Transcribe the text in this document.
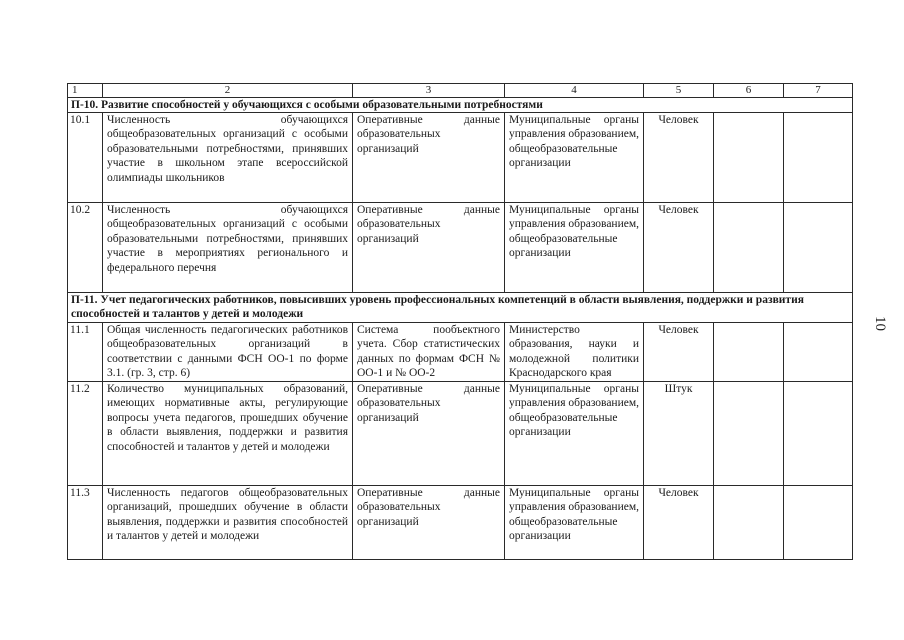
1	2	3	4	5	6	7
П-10. Развитие способностей у обучающихся с особыми образовательными потребностями						
10.1	Численность обучающихся общеобразовательных организаций с особыми образовательными потребностями, принявших участие в школьном этапе всероссийской олимпиады школьников	Оперативные данные образовательных организаций	Муниципальные органы управления образованием, общеобразовательные организации	Человек		
10.2	Численность обучающихся общеобразовательных организаций с особыми образовательными потребностями, принявших участие в мероприятиях регионального и федерального перечня	Оперативные данные образовательных организаций	Муниципальные органы управления образованием, общеобразовательные организации	Человек		
П-11. Учет педагогических работников, повысивших уровень профессиональных компетенций в области выявления, поддержки и развития способностей и талантов у детей и молодежи						
11.1	Общая численность педагогических работников общеобразовательных организаций в соответствии с данными ФСН ОО-1 по форме 3.1. (гр. 3, стр. 6)	Система пообъектного учета. Сбор статистических данных по формам ФСН № ОО-1 и № ОО-2	Министерство образования, науки и молодежной политики Краснодарского края	Человек		
11.2	Количество муниципальных образований, имеющих нормативные акты, регулирующие вопросы учета педагогов, прошедших обучение в области выявления, поддержки и развития способностей и талантов у детей и молодежи	Оперативные данные образовательных организаций	Муниципальные органы управления образованием, общеобразовательные организации	Штук		
11.3	Численность педагогов общеобразовательных организаций, прошедших обучение в области выявления, поддержки и развития способностей и талантов у детей и молодежи	Оперативные данные образовательных организаций	Муниципальные органы управления образованием, общеобразовательные организации	Человек		
10
